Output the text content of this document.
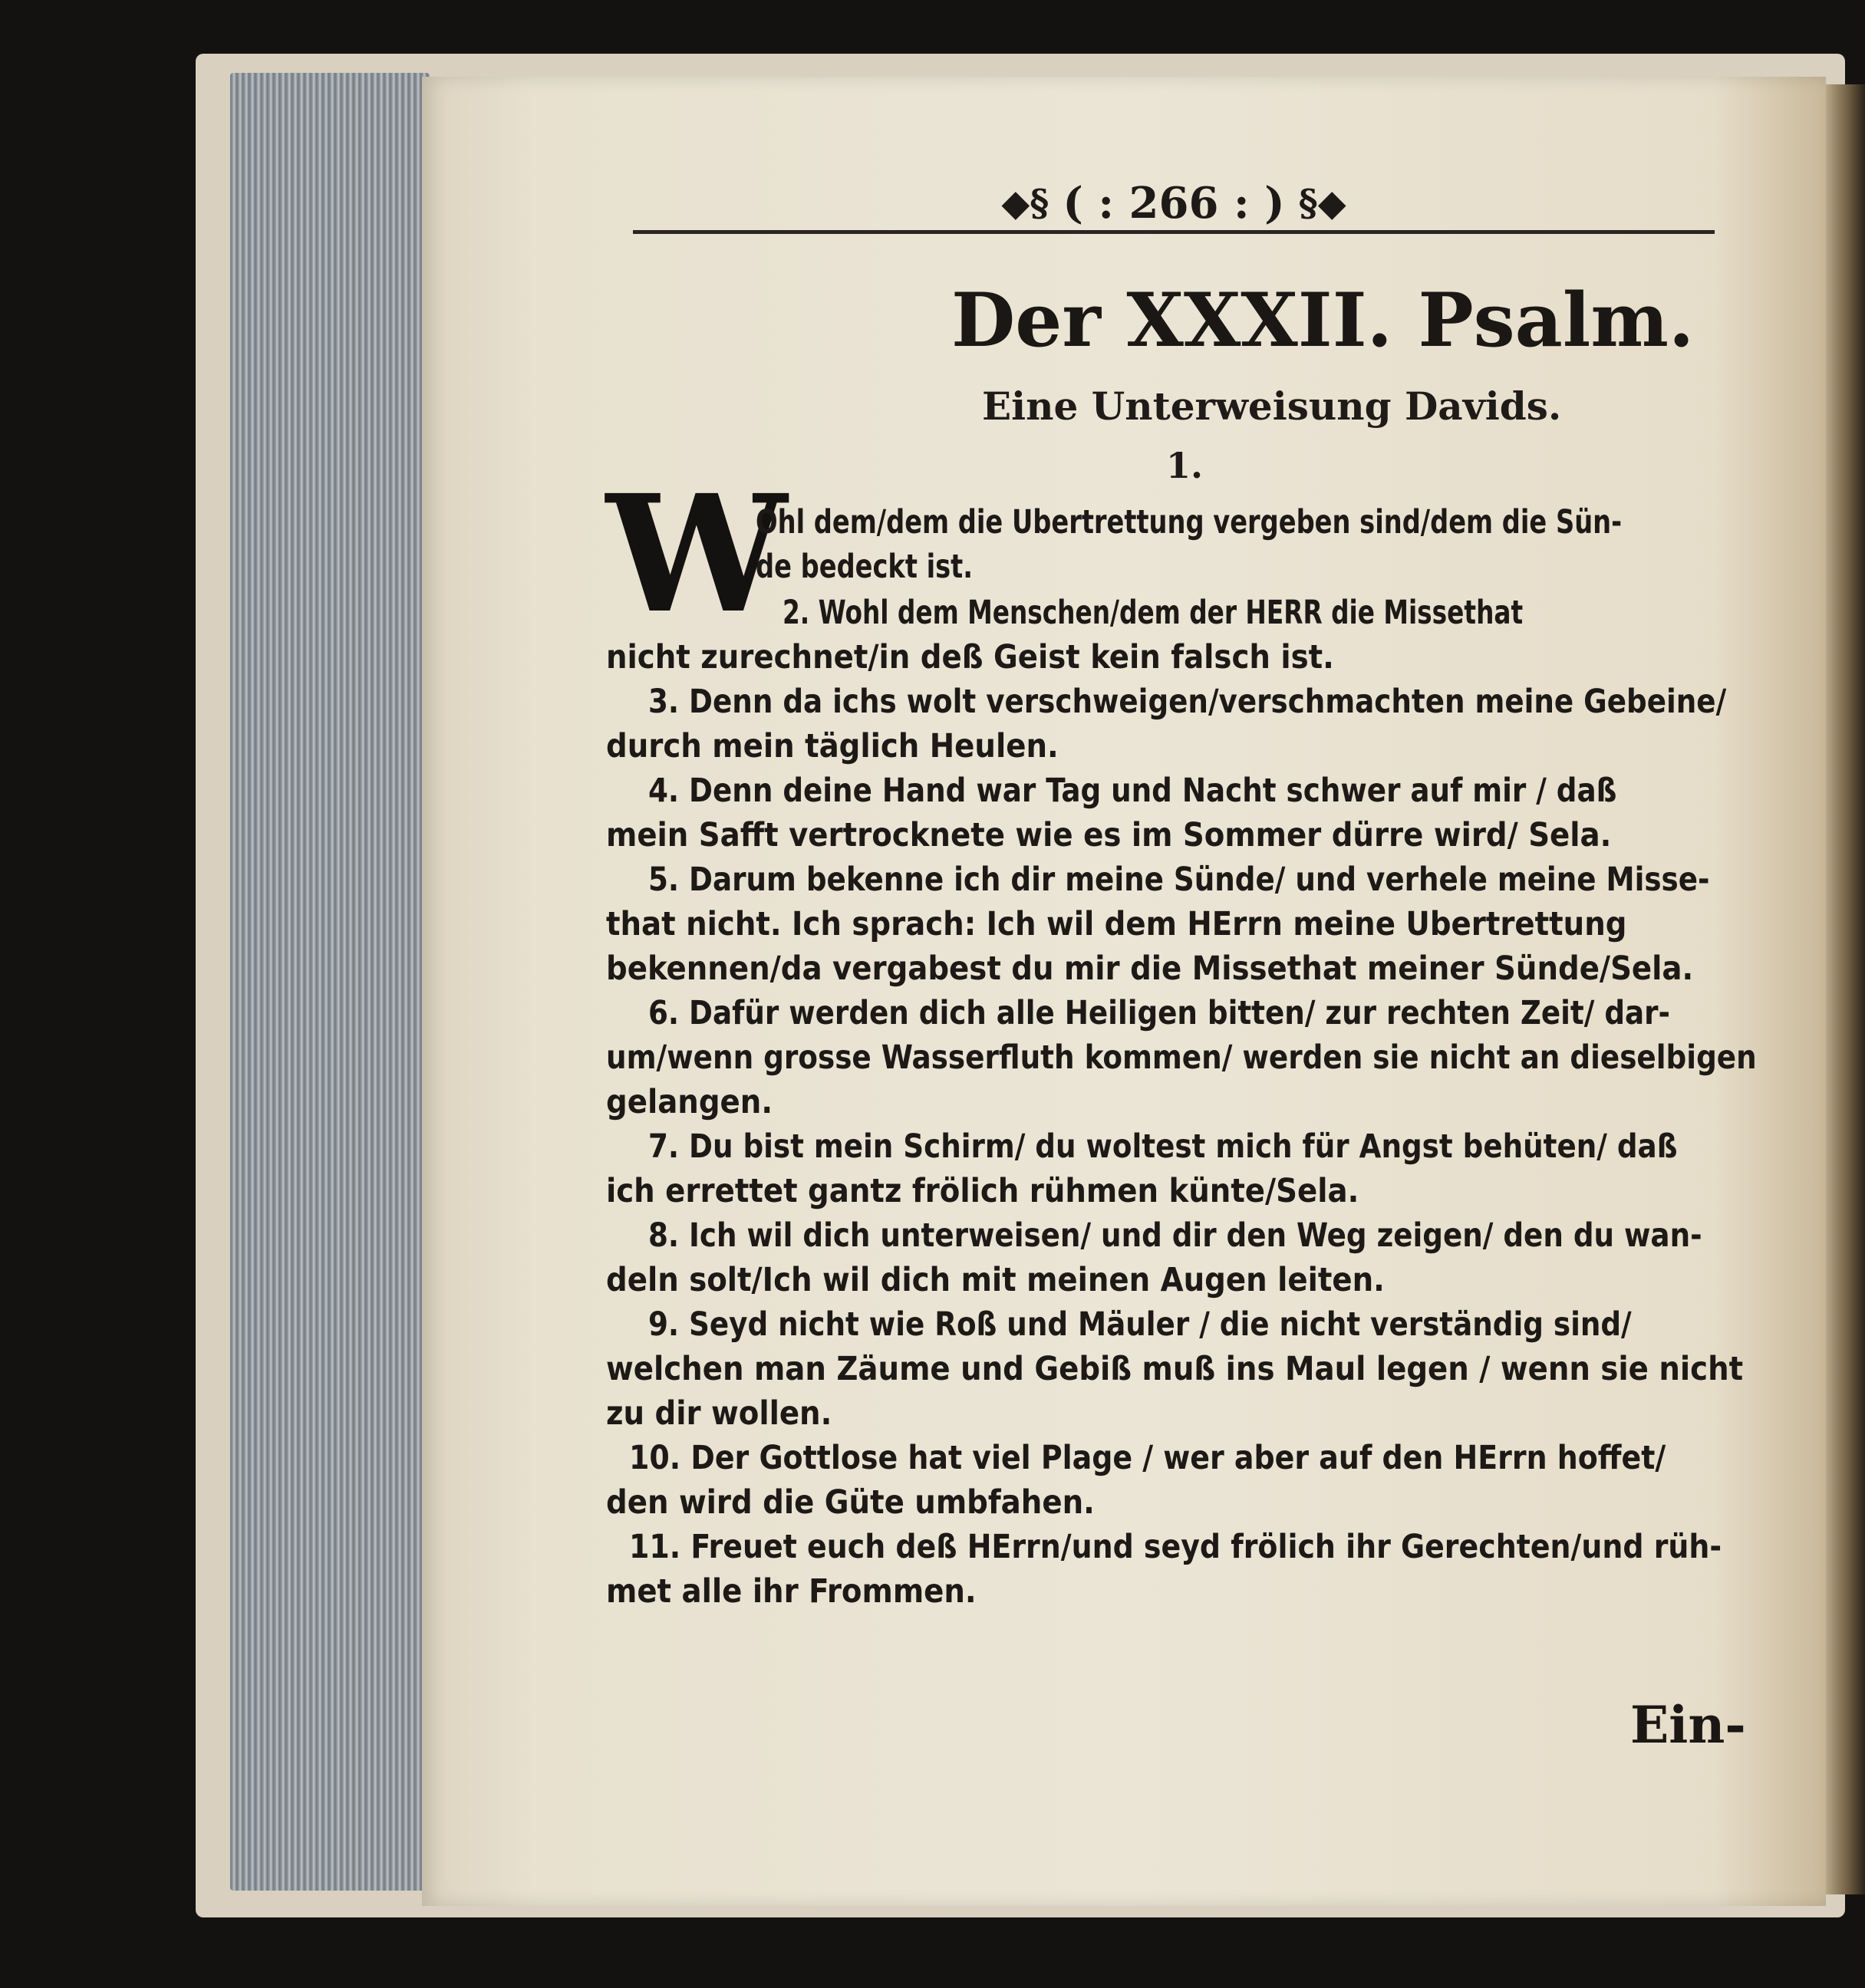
◆§ ( : 266 : ) §◆
Der XXXII. Psalm.
Eine Unterweisung Davids.
1.
W
Ohl dem/dem die Ubertrettung vergeben sind/dem die Sün-
de bedeckt ist.
2. Wohl dem Menschen/dem der HERR die Missethat
nicht zurechnet/in deß Geist kein falsch ist.
3. Denn da ichs wolt verschweigen/verschmachten meine Gebeine/
durch mein täglich Heulen.
4. Denn deine Hand war Tag und Nacht schwer auf mir / daß
mein Safft vertrocknete wie es im Sommer dürre wird/ Sela.
5. Darum bekenne ich dir meine Sünde/ und verhele meine Misse-
that nicht. Ich sprach: Ich wil dem HErrn meine Ubertrettung
bekennen/da vergabest du mir die Missethat meiner Sünde/Sela.
6. Dafür werden dich alle Heiligen bitten/ zur rechten Zeit/ dar-
um/wenn grosse Wasserfluth kommen/ werden sie nicht an dieselbigen
gelangen.
7. Du bist mein Schirm/ du woltest mich für Angst behüten/ daß
ich errettet gantz frölich rühmen künte/Sela.
8. Ich wil dich unterweisen/ und dir den Weg zeigen/ den du wan-
deln solt/Ich wil dich mit meinen Augen leiten.
9. Seyd nicht wie Roß und Mäuler / die nicht verständig sind/
welchen man Zäume und Gebiß muß ins Maul legen / wenn sie nicht
zu dir wollen.
10. Der Gottlose hat viel Plage / wer aber auf den HErrn hoffet/
den wird die Güte umbfahen.
11. Freuet euch deß HErrn/und seyd frölich ihr Gerechten/und rüh-
met alle ihr Frommen.
Ein-
